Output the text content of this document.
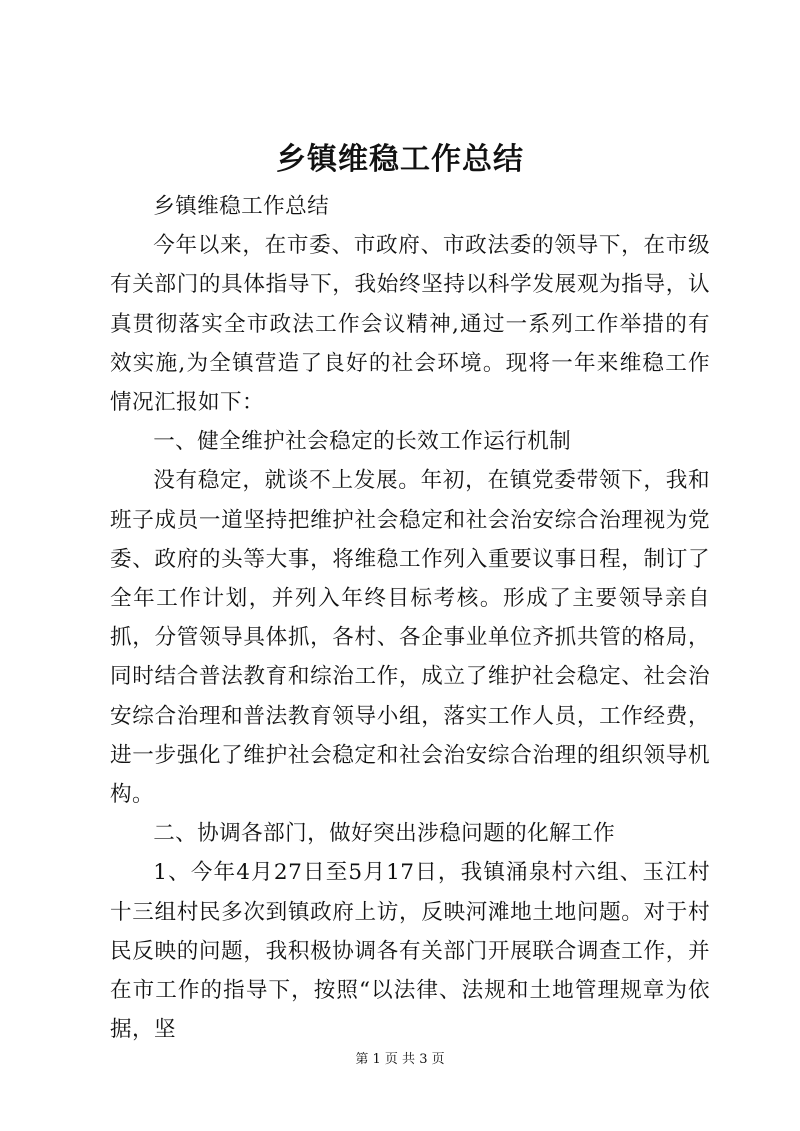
乡镇维稳工作总结

乡镇维稳工作总结

今年以来，在市委、市政府、市政法委的领导下，在市级有关部门的具体指导下，我始终坚持以科学发展观为指导，认真贯彻落实全市政法工作会议精神,通过一系列工作举措的有效实施,为全镇营造了良好的社会环境。现将一年来维稳工作情况汇报如下：

一、健全维护社会稳定的长效工作运行机制

没有稳定，就谈不上发展。年初，在镇党委带领下，我和班子成员一道坚持把维护社会稳定和社会治安综合治理视为党委、政府的头等大事，将维稳工作列入重要议事日程，制订了全年工作计划，并列入年终目标考核。形成了主要领导亲自抓，分管领导具体抓，各村、各企事业单位齐抓共管的格局，同时结合普法教育和综治工作，成立了维护社会稳定、社会治安综合治理和普法教育领导小组，落实工作人员，工作经费，进一步强化了维护社会稳定和社会治安综合治理的组织领导机构。

二、协调各部门，做好突出涉稳问题的化解工作

1、今年4月27日至5月17日，我镇涌泉村六组、玉江村十三组村民多次到镇政府上访，反映河滩地土地问题。对于村民反映的问题，我积极协调各有关部门开展联合调查工作，并在市工作的指导下，按照“以法律、法规和土地管理规章为依据，坚

第 1 页 共 3 页
